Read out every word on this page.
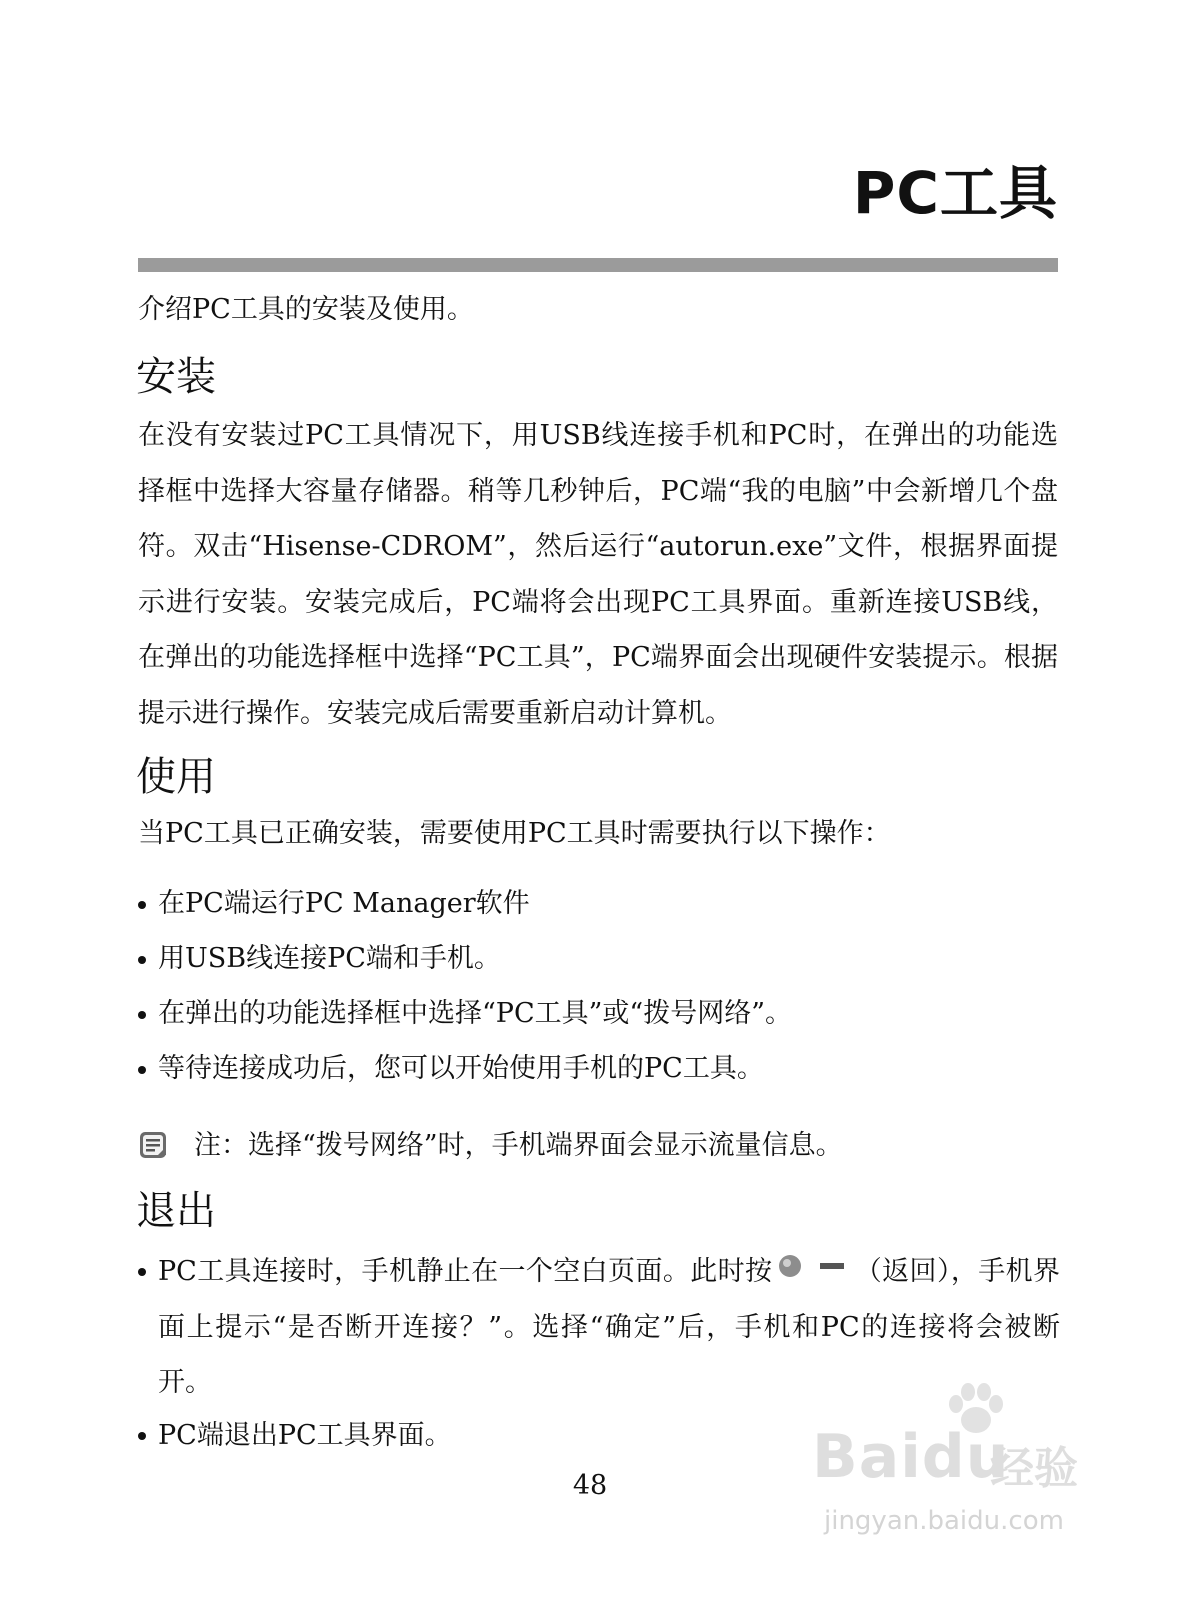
PC工具
介绍PC工具的安装及使用。
安装
在没有安装过PC工具情况下，用USB线连接手机和PC时，在弹出的功能选择框中选择大容量存储器。稍等几秒钟后，PC端“我的电脑”中会新增几个盘符。双击“Hisense-CDROM”，然后运行“autorun.exe”文件，根据界面提示进行安装。安装完成后，PC端将会出现PC工具界面。重新连接USB线，在弹出的功能选择框中选择“PC工具”，PC端界面会出现硬件安装提示。根据提示进行操作。安装完成后需要重新启动计算机。
使用
当PC工具已正确安装，需要使用PC工具时需要执行以下操作：
在PC端运行PC Manager软件
用USB线连接PC端和手机。
在弹出的功能选择框中选择“PC工具”或“拨号网络”。
等待连接成功后，您可以开始使用手机的PC工具。
注：选择“拨号网络”时，手机端界面会显示流量信息。
退出
PC工具连接时，手机静止在一个空白页面。此时按	（返回），手机界面上提示“是否断开连接？”。选择“确定”后，手机和PC的连接将会被断开。
PC端退出PC工具界面。
48	Baidu
经验
jingyan.baidu.com
